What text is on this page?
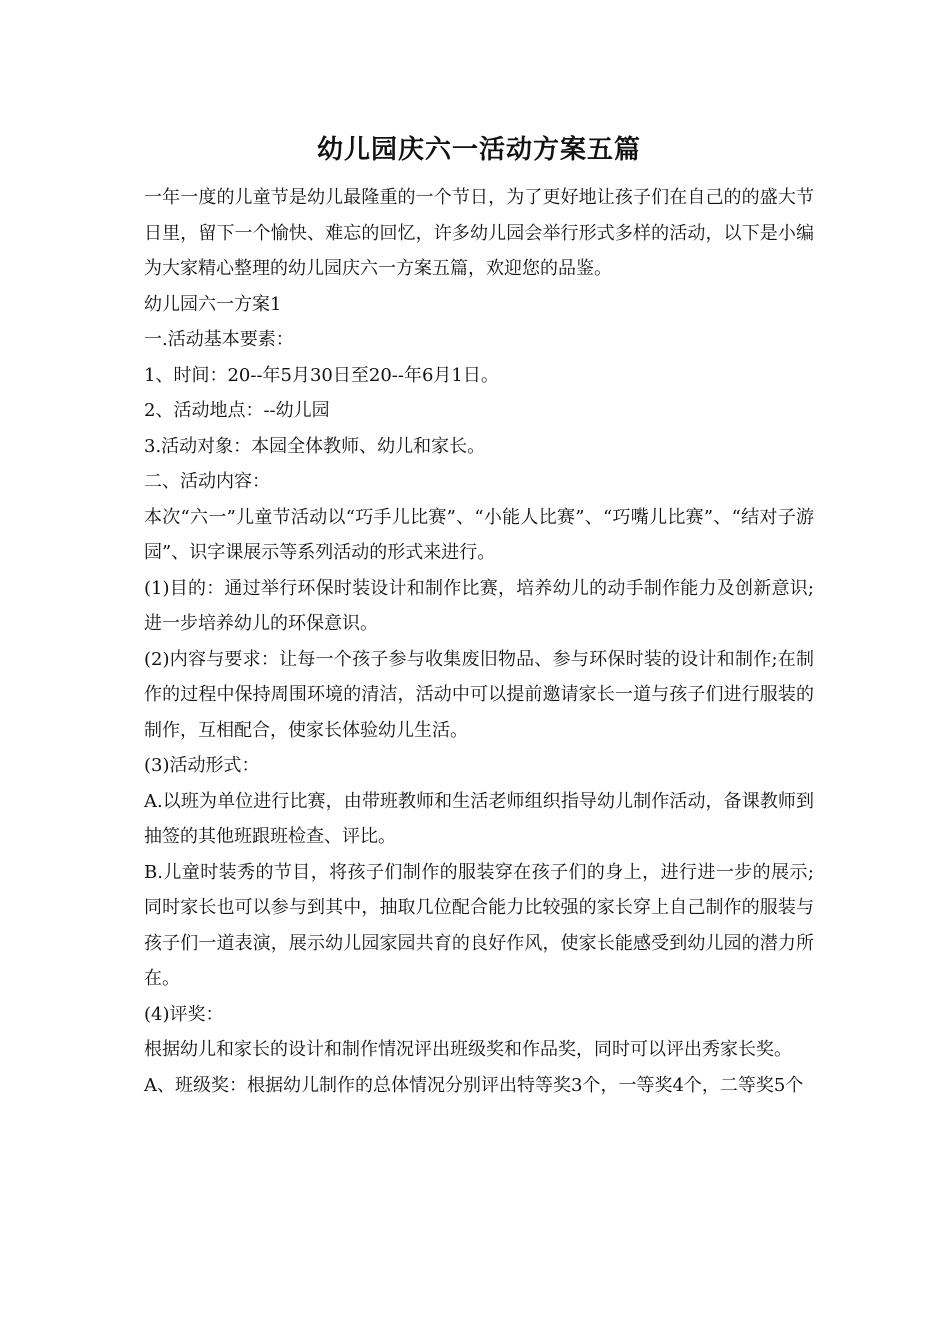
幼儿园庆六一活动方案五篇

一年一度的儿童节是幼儿最隆重的一个节日，为了更好地让孩子们在自己的的盛大节日里，留下一个愉快、难忘的回忆，许多幼儿园会举行形式多样的活动，以下是小编为大家精心整理的幼儿园庆六一方案五篇，欢迎您的品鉴。

幼儿园六一方案1

一.活动基本要素：

1、时间：20--年5月30日至20--年6月1日。

2、活动地点：--幼儿园

3.活动对象：本园全体教师、幼儿和家长。

二、活动内容：

本次“六一”儿童节活动以“巧手儿比赛”、“小能人比赛”、“巧嘴儿比赛”、“结对子游园”、识字课展示等系列活动的形式来进行。

(1)目的：通过举行环保时装设计和制作比赛，培养幼儿的动手制作能力及创新意识;进一步培养幼儿的环保意识。

(2)内容与要求：让每一个孩子参与收集废旧物品、参与环保时装的设计和制作;在制作的过程中保持周围环境的清洁，活动中可以提前邀请家长一道与孩子们进行服装的制作，互相配合，使家长体验幼儿生活。

(3)活动形式：

A.以班为单位进行比赛，由带班教师和生活老师组织指导幼儿制作活动，备课教师到抽签的其他班跟班检查、评比。

B.儿童时装秀的节目，将孩子们制作的服装穿在孩子们的身上，进行进一步的展示;同时家长也可以参与到其中，抽取几位配合能力比较强的家长穿上自己制作的服装与孩子们一道表演，展示幼儿园家园共育的良好作风，使家长能感受到幼儿园的潜力所在。

(4)评奖：

根据幼儿和家长的设计和制作情况评出班级奖和作品奖，同时可以评出秀家长奖。

A、班级奖：根据幼儿制作的总体情况分别评出特等奖3个，一等奖4个，二等奖5个
